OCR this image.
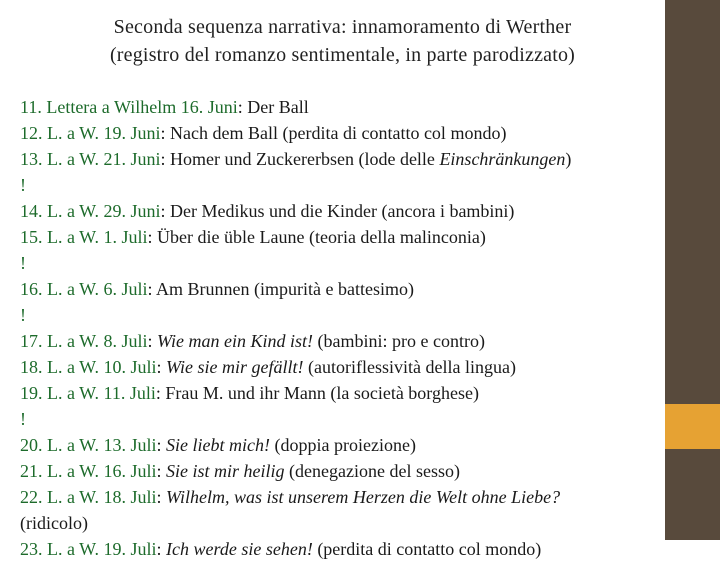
Seconda sequenza narrativa: innamoramento di Werther
(registro del romanzo sentimentale, in parte parodizzato)
11. Lettera a Wilhelm 16. Juni: Der Ball
12. L. a W. 19. Juni: Nach dem Ball (perdita di contatto col mondo)
13. L. a W. 21. Juni: Homer und Zuckererbsen (lode delle Einschränkungen)
!
14. L. a W. 29. Juni: Der Medikus und die Kinder (ancora i bambini)
15. L. a W. 1. Juli: Über die üble Laune (teoria della malinconia)
!
16. L. a W. 6. Juli: Am Brunnen (impurità e battesimo)
!
17. L. a W. 8. Juli: Wie man ein Kind ist! (bambini: pro e contro)
18. L. a W. 10. Juli: Wie sie mir gefällt! (autoriflessività della lingua)
19. L. a W. 11. Juli: Frau M. und ihr Mann (la società borghese)
!
20. L. a W. 13. Juli: Sie liebt mich! (doppia proiezione)
21. L. a W. 16. Juli: Sie ist mir heilig (denegazione del sesso)
22. L. a W. 18. Juli: Wilhelm, was ist unserem Herzen die Welt ohne Liebe?
(ridicolo)
23. L. a W. 19. Juli: Ich werde sie sehen! (perdita di contatto col mondo)
